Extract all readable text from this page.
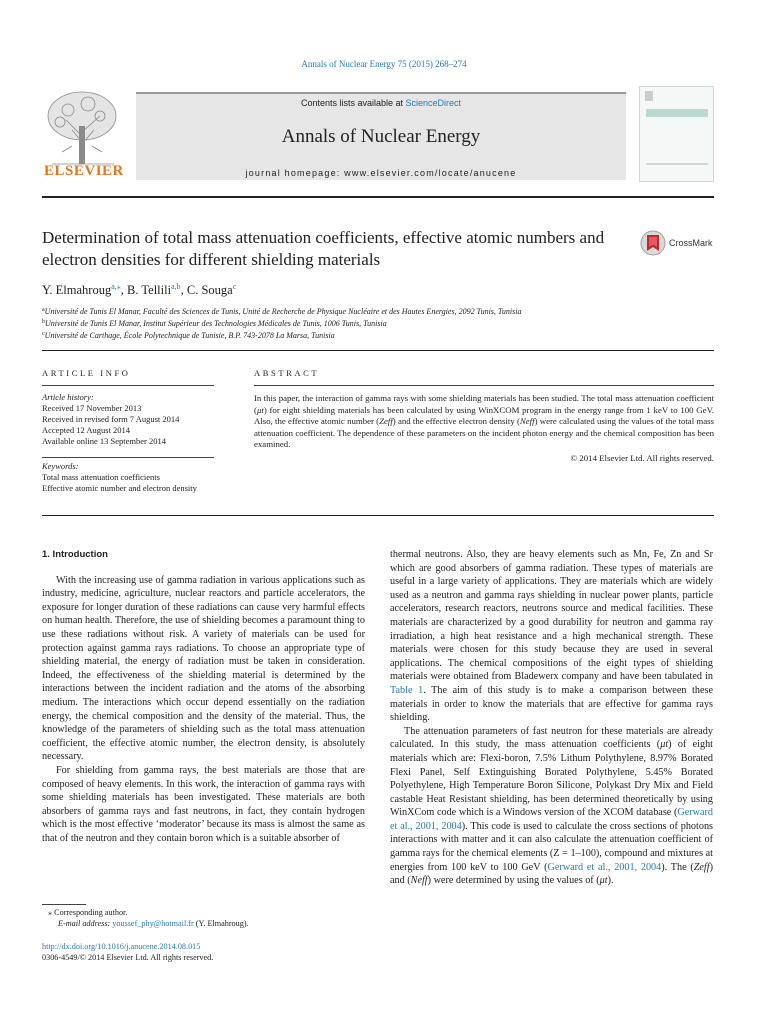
Annals of Nuclear Energy 75 (2015) 268–274
ELSEVIER
Contents lists available at ScienceDirect
Annals of Nuclear Energy
journal homepage: www.elsevier.com/locate/anucene
Determination of total mass attenuation coefficients, effective atomic numbers and electron densities for different shielding materials
CrossMark
Y. Elmahroug$^{a,⁎}$, B. Tellili$^{a,b}$, C. Souga$^c$
$^a$Université de Tunis El Manar, Faculté des Sciences de Tunis, Unité de Recherche de Physique Nucléaire et des Hautes Energies, 2092 Tunis, Tunisia
$^b$Université de Tunis El Manar, Institut Supérieur des Technologies Médicales de Tunis, 1006 Tunis, Tunisia
$^c$Université de Carthage, École Polytechnique de Tunisie, B.P. 743-2078 La Marsa, Tunisia
ARTICLE INFO	ABSTRACT
Article history:
Received 17 November 2013
Received in revised form 7 August 2014
Accepted 12 August 2014
Available online 13 September 2014
Keywords:
Total mass attenuation coefficients
Effective atomic number and electron density
In this paper, the interaction of gamma rays with some shielding materials has been studied. The total mass attenuation coefficient (μt) for eight shielding materials has been calculated by using WinXCOM program in the energy range from 1 keV to 100 GeV. Also, the effective atomic number (Zeff) and the effective electron density (Neff) were calculated using the values of the total mass attenuation coefficient. The dependence of these parameters on the incident photon energy and the chemical composition has been examined.
© 2014 Elsevier Ltd. All rights reserved.
1. Introduction

With the increasing use of gamma radiation in various applications such as industry, medicine, agriculture, nuclear reactors and particle accelerators, the exposure for longer duration of these radiations can cause very harmful effects on human health. Therefore, the use of shielding becomes a paramount thing to use these radiations without risk. A variety of materials can be used for protection against gamma rays radiations. To choose an appropriate type of shielding material, the energy of radiation must be taken in consideration. Indeed, the effectiveness of the shielding material is determined by the interactions between the incident radiation and the atoms of the absorbing medium. The interactions which occur depend essentially on the radiation energy, the chemical composition and the density of the material. Thus, the knowledge of the parameters of shielding such as the total mass attenuation coefficient, the effective atomic number, the electron density, is absolutely necessary.

For shielding from gamma rays, the best materials are those that are composed of heavy elements. In this work, the interaction of gamma rays with some shielding materials has been investigated. These materials are both absorbers of gamma rays and fast neutrons, in fact, they contain hydrogen which is the most effective ‘moderator’ because its mass is almost the same as that of the neutron and they contain boron which is a suitable absorber of

thermal neutrons. Also, they are heavy elements such as Mn, Fe, Zn and Sr which are good absorbers of gamma radiation. These types of materials are useful in a large variety of applications. They are materials which are widely used as a neutron and gamma rays shielding in nuclear power plants, particle accelerators, research reactors, neutrons source and medical facilities. These materials are characterized by a good durability for neutron and gamma ray irradiation, a high heat resistance and a high mechanical strength. These materials were chosen for this study because they are used in several applications. The chemical compositions of the eight types of shielding materials were obtained from Bladewerx company and have been tabulated in Table 1. The aim of this study is to make a comparison between these materials in order to know the materials that are effective for gamma rays shielding.

The attenuation parameters of fast neutron for these materials are already calculated. In this study, the mass attenuation coefficients (μt) of eight materials which are: Flexi-boron, 7.5% Lithum Polythylene, 8.97% Borated Flexi Panel, Self Extinguishing Borated Polythylene, 5.45% Borated Polyethylene, High Temperature Boron Silicone, Polykast Dry Mix and Field castable Heat Resistant shielding, has been determined theoretically by using WinXCom code which is a Windows version of the XCOM database (Gerward et al., 2001, 2004). This code is used to calculate the cross sections of photons interactions with matter and it can also calculate the attenuation coefficient of gamma rays for the chemical elements (Z = 1–100), compound and mixtures at energies from 100 keV to 100 GeV (Gerward et al., 2001, 2004). The (Zeff) and (Neff) were determined by using the values of (μt).

⁎ Corresponding author.
E-mail address: youssef_phy@hotmail.fr (Y. Elmahroug).
http://dx.doi.org/10.1016/j.anucene.2014.08.015
0306-4549/© 2014 Elsevier Ltd. All rights reserved.
